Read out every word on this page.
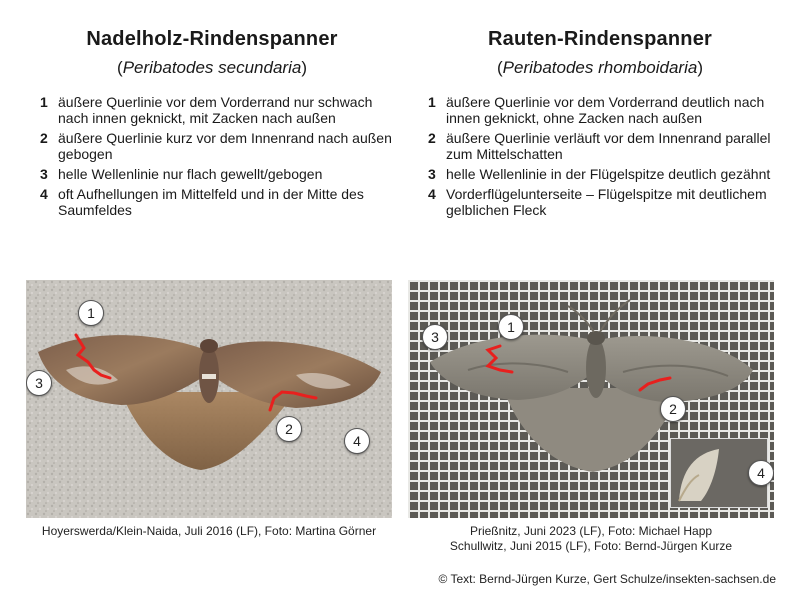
Nadelholz-Rindenspanner

(Peribatodes secundaria)

1 äußere Querlinie vor dem Vorderrand nur schwach nach innen geknickt, mit Zacken nach außen
2 äußere Querlinie kurz vor dem Innenrand nach außen gebogen
3 helle Wellenlinie nur flach gewellt/gebogen
4 oft Aufhellungen im Mittelfeld und in der Mitte des Saumfeldes
Rauten-Rindenspanner

(Peribatodes rhomboidaria)

1 äußere Querlinie vor dem Vorderrand deutlich nach innen geknickt, ohne Zacken nach außen
2 äußere Querlinie verläuft vor dem Innenrand parallel zum Mittelschatten
3 helle Wellenlinie in der Flügelspitze deutlich gezähnt
4 Vorderflügelunterseite – Flügelspitze mit deutlichem gelblichen Fleck
1
2
3
4
3
1
2
4
Hoyerswerda/Klein-Naida, Juli 2016 (LF), Foto: Martina Görner	Prießnitz, Juni 2023 (LF), Foto: Michael Happ
Schullwitz, Juni 2015 (LF), Foto: Bernd-Jürgen Kurze
© Text: Bernd-Jürgen Kurze, Gert Schulze/insekten-sachsen.de
